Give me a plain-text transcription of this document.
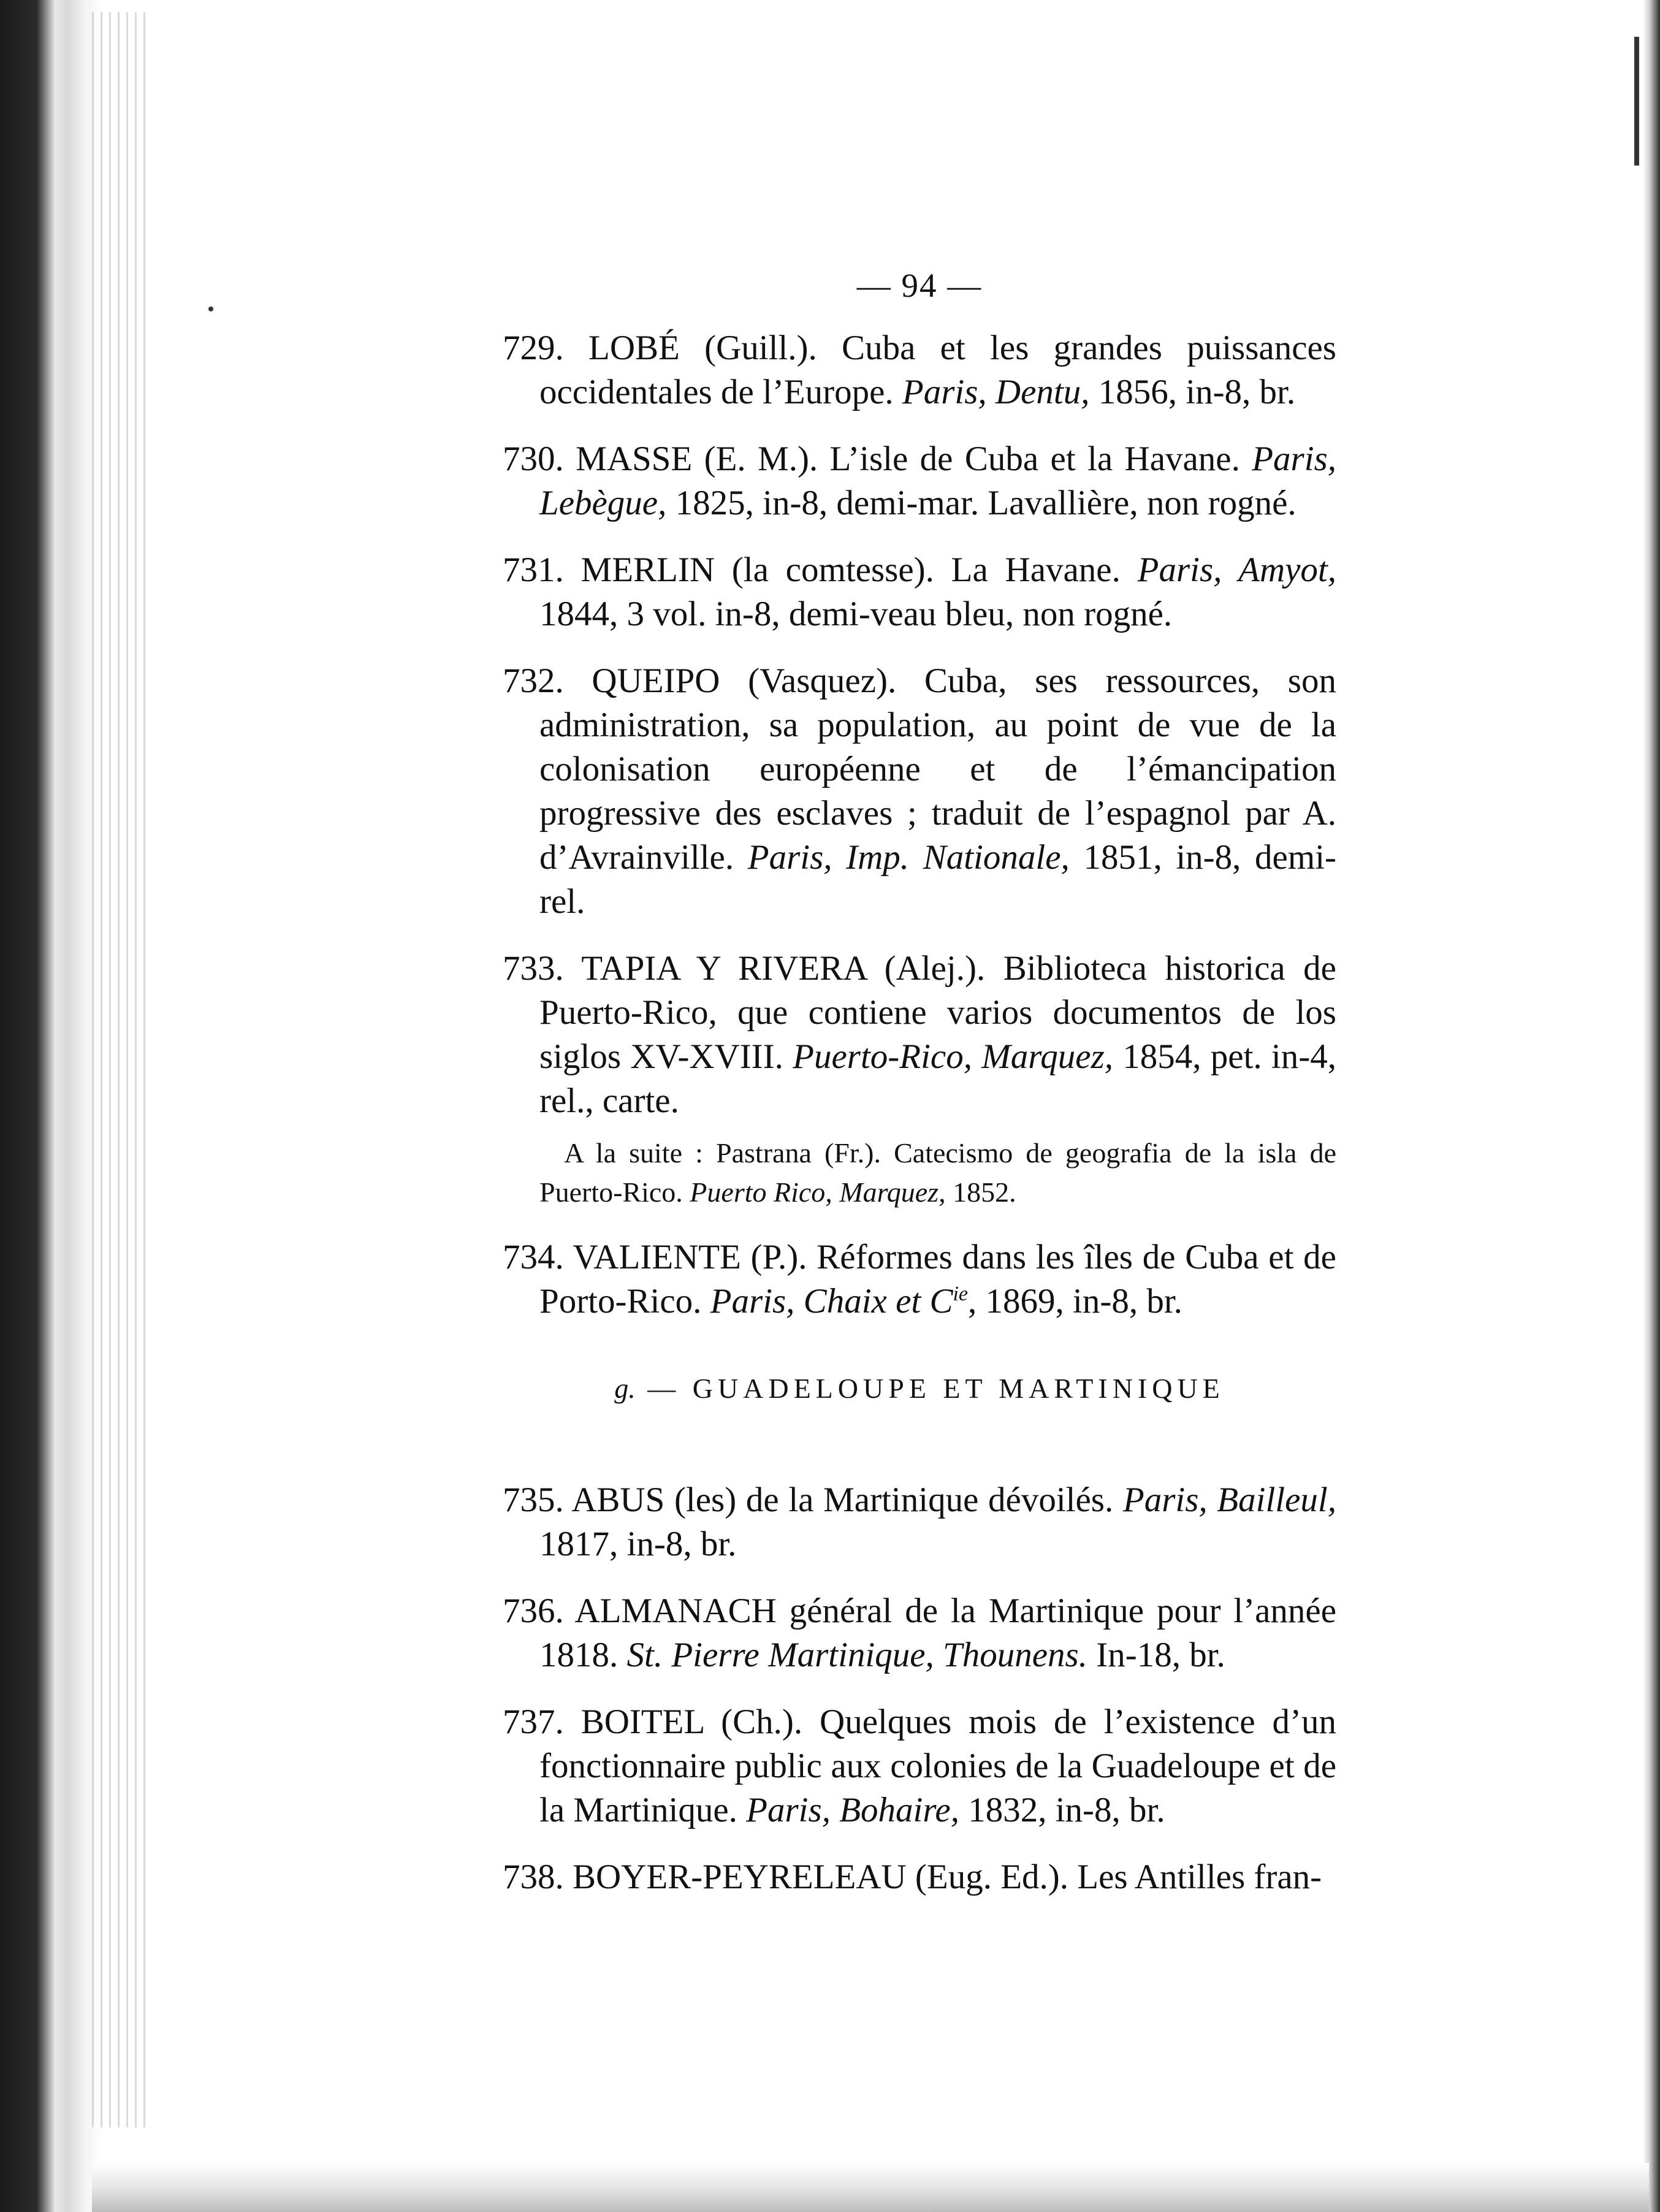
— 94 —
729. LOBÉ (Guill.). Cuba et les grandes puissances occidentales de l’Europe. Paris, Dentu, 1856, in-8, br.
730. MASSE (E. M.). L’isle de Cuba et la Havane. Paris, Lebègue, 1825, in-8, demi-mar. Lavallière, non rogné.
731. MERLIN (la comtesse). La Havane. Paris, Amyot, 1844, 3 vol. in-8, demi-veau bleu, non rogné.
732. QUEIPO (Vasquez). Cuba, ses ressources, son administration, sa population, au point de vue de la colonisation européenne et de l’émancipation progressive des esclaves ; traduit de l’espagnol par A. d’Avrainville. Paris, Imp. Nationale, 1851, in-8, demi-rel.
733. TAPIA Y RIVERA (Alej.). Biblioteca historica de Puerto-Rico, que contiene varios documentos de los siglos XV-XVIII. Puerto-Rico, Marquez, 1854, pet. in-4, rel., carte.
A la suite : Pastrana (Fr.). Catecismo de geografia de la isla de Puerto-Rico. Puerto Rico, Marquez, 1852.
734. VALIENTE (P.). Réformes dans les îles de Cuba et de Porto-Rico. Paris, Chaix et $C^{ie}$, 1869, in-8, br.
g. — GUADELOUPE ET MARTINIQUE
735. ABUS (les) de la Martinique dévoilés. Paris, Bailleul, 1817, in-8, br.
736. ALMANACH général de la Martinique pour l’année 1818. St. Pierre Martinique, Thounens. In-18, br.
737. BOITEL (Ch.). Quelques mois de l’existence d’un fonctionnaire public aux colonies de la Guadeloupe et de la Martinique. Paris, Bohaire, 1832, in-8, br.
738. BOYER-PEYRELEAU (Eug. Ed.). Les Antilles fran-
